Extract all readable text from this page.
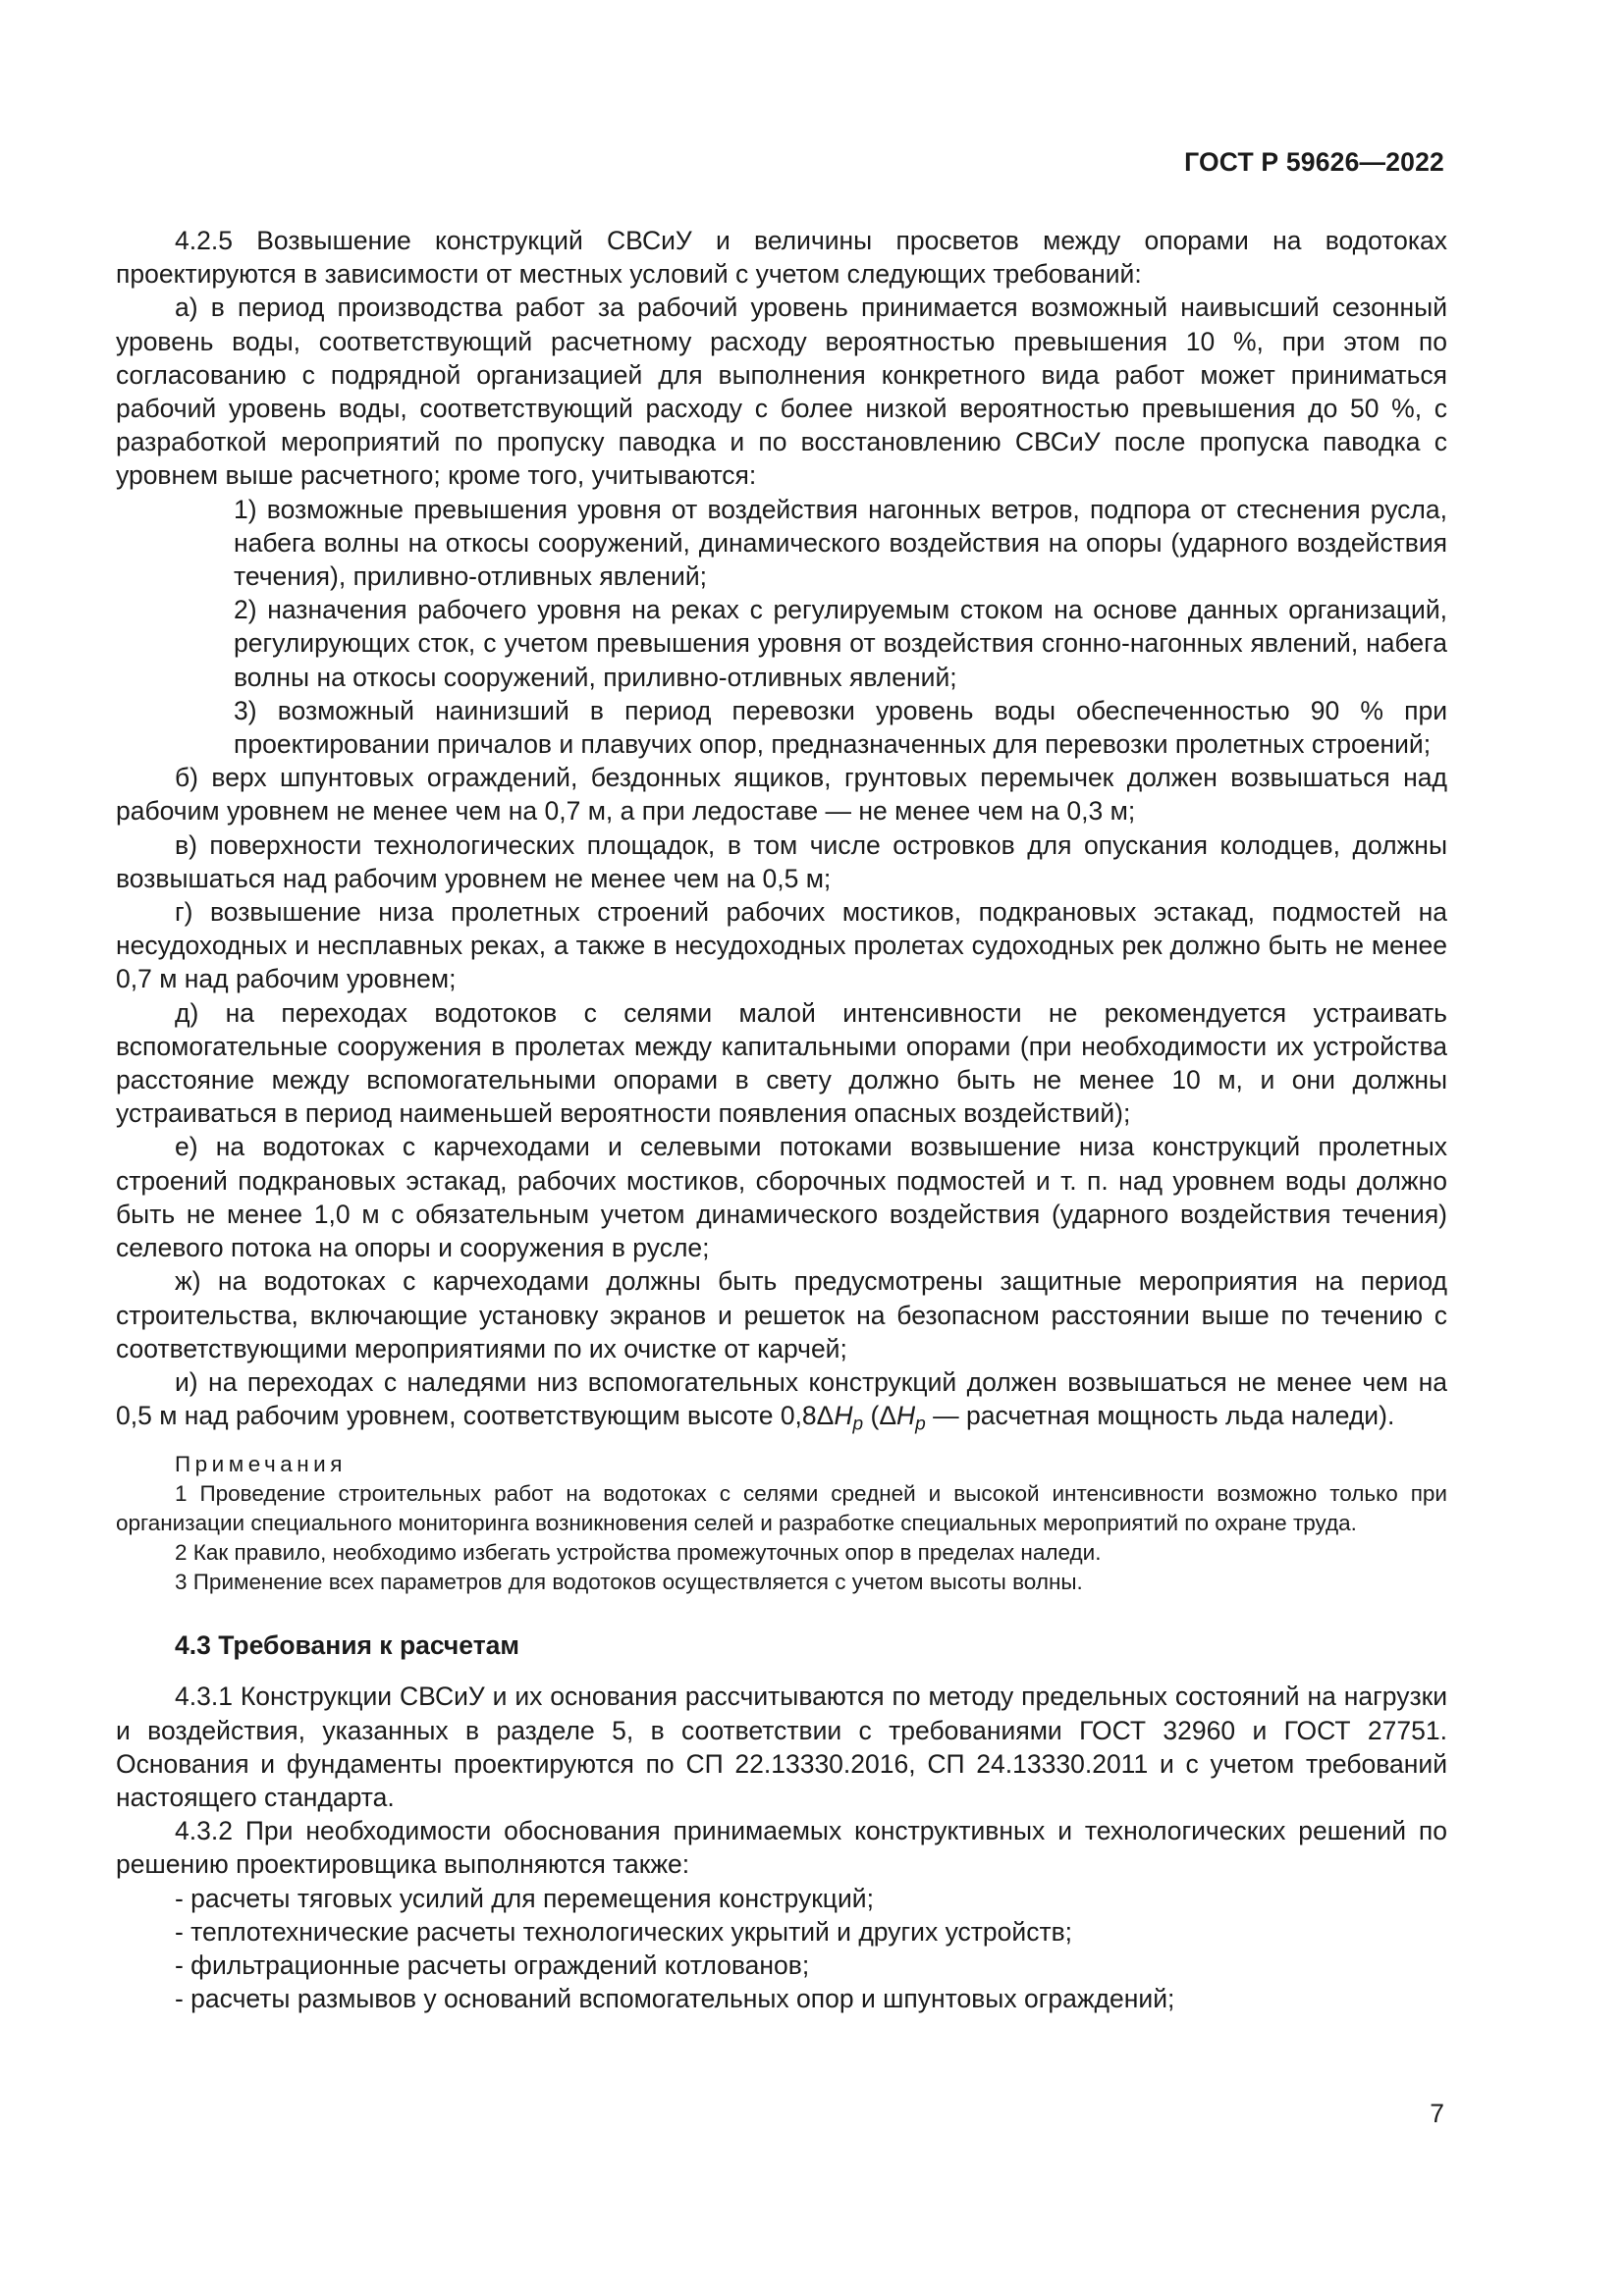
ГОСТ Р 59626—2022

4.2.5 Возвышение конструкций СВСиУ и величины просветов между опорами на водотоках проектируются в зависимости от местных условий с учетом следующих требований:

а) в период производства работ за рабочий уровень принимается возможный наивысший сезонный уровень воды, соответствующий расчетному расходу вероятностью превышения 10 %, при этом по согласованию с подрядной организацией для выполнения конкретного вида работ может приниматься рабочий уровень воды, соответствующий расходу с более низкой вероятностью превышения до 50 %, с разработкой мероприятий по пропуску паводка и по восстановлению СВСиУ после пропуска паводка с уровнем выше расчетного; кроме того, учитываются:

1) возможные превышения уровня от воздействия нагонных ветров, подпора от стеснения русла, набега волны на откосы сооружений, динамического воздействия на опоры (ударного воздействия течения), приливно-отливных явлений;

2) назначения рабочего уровня на реках с регулируемым стоком на основе данных организаций, регулирующих сток, с учетом превышения уровня от воздействия сгонно-нагонных явлений, набега волны на откосы сооружений, приливно-отливных явлений;

3) возможный наинизший в период перевозки уровень воды обеспеченностью 90 % при проектировании причалов и плавучих опор, предназначенных для перевозки пролетных строений;

б) верх шпунтовых ограждений, бездонных ящиков, грунтовых перемычек должен возвышаться над рабочим уровнем не менее чем на 0,7 м, а при ледоставе — не менее чем на 0,3 м;

в) поверхности технологических площадок, в том числе островков для опускания колодцев, должны возвышаться над рабочим уровнем не менее чем на 0,5 м;

г) возвышение низа пролетных строений рабочих мостиков, подкрановых эстакад, подмостей на несудоходных и несплавных реках, а также в несудоходных пролетах судоходных рек должно быть не менее 0,7 м над рабочим уровнем;

д) на переходах водотоков с селями малой интенсивности не рекомендуется устраивать вспомогательные сооружения в пролетах между капитальными опорами (при необходимости их устройства расстояние между вспомогательными опорами в свету должно быть не менее 10 м, и они должны устраиваться в период наименьшей вероятности появления опасных воздействий);

е) на водотоках с карчеходами и селевыми потоками возвышение низа конструкций пролетных строений подкрановых эстакад, рабочих мостиков, сборочных подмостей и т. п. над уровнем воды должно быть не менее 1,0 м с обязательным учетом динамического воздействия (ударного воздействия течения) селевого потока на опоры и сооружения в русле;

ж) на водотоках с карчеходами должны быть предусмотрены защитные мероприятия на период строительства, включающие установку экранов и решеток на безопасном расстоянии выше по течению с соответствующими мероприятиями по их очистке от карчей;

и) на переходах с наледями низ вспомогательных конструкций должен возвышаться не менее чем на 0,5 м над рабочим уровнем, соответствующим высоте $0,8\Delta H_p$ ($\Delta H_p$ — расчетная мощность льда наледи).

Примечания

1 Проведение строительных работ на водотоках с селями средней и высокой интенсивности возможно только при организации специального мониторинга возникновения селей и разработке специальных мероприятий по охране труда.

2 Как правило, необходимо избегать устройства промежуточных опор в пределах наледи.

3 Применение всех параметров для водотоков осуществляется с учетом высоты волны.

4.3 Требования к расчетам

4.3.1 Конструкции СВСиУ и их основания рассчитываются по методу предельных состояний на нагрузки и воздействия, указанных в разделе 5, в соответствии с требованиями ГОСТ 32960 и ГОСТ 27751. Основания и фундаменты проектируются по СП 22.13330.2016, СП 24.13330.2011 и с учетом требований настоящего стандарта.

4.3.2 При необходимости обоснования принимаемых конструктивных и технологических решений по решению проектировщика выполняются также:

- расчеты тяговых усилий для перемещения конструкций;

- теплотехнические расчеты технологических укрытий и других устройств;

- фильтрационные расчеты ограждений котлованов;

- расчеты размывов у оснований вспомогательных опор и шпунтовых ограждений;

7
